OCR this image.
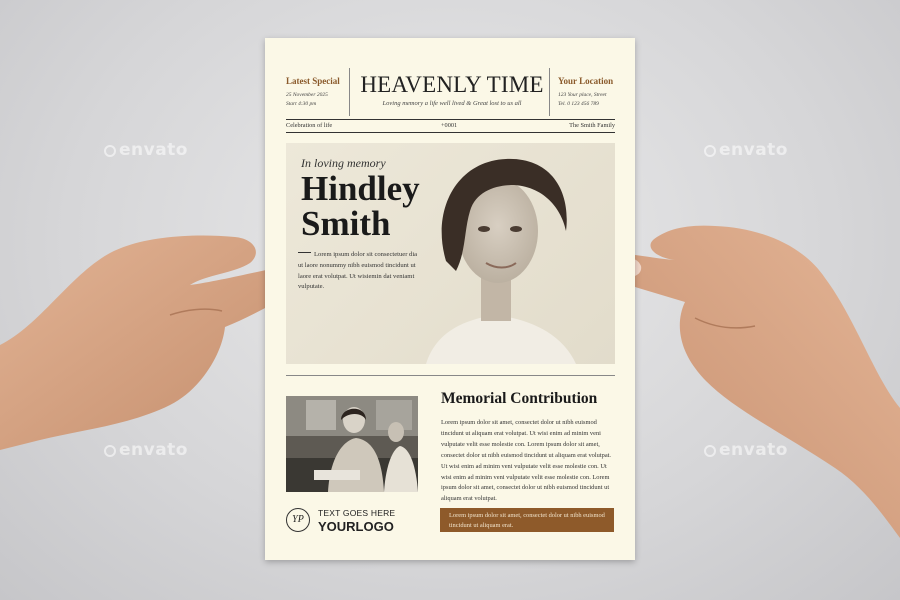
envato	envato
envato	envato
Latest Special
25 November 2025
Start 4:30 pm
HEAVENLY TIME
Loving memory a life well lived & Great lost to us all
Your Location
123 Your place, Street
Tel. 0 123 456 789
Celebration of life	+0001	The Smith Family
In loving memory
Hindley
Smith
Lorem ipsum dolor sit consectetuer dia ut laore nonummy nibh euismod tincidunt ut laore erat volutpat. Ut wisiemin dat veniamt vulputate.
Memorial Contribution
Lorem ipsum dolor sit amet, consectet dolor ut nibh euismod tincidunt ut aliquam erat volutpat. Ut wisi enim ad minim veni vulputate velit esse molestie con. Lorem ipsum dolor sit amet, consectet dolor ut nibh euismod tincidunt ut aliquam erat volutpat. Ut wisi enim ad minim veni vulputate velit esse molestie con. Ut wisi enim ad minim veni vulputate velit esse molestie con. Lorem ipsum dolor sit amet, consectet dolor ut nibh euismod tincidunt ut aliquam erat volutpat.
YP
TEXT GOES HERE
YOURLOGO
Lorem ipsum dolor sit amet, consectet dolor ut nibh euismod tincidunt ut aliquam erat.
